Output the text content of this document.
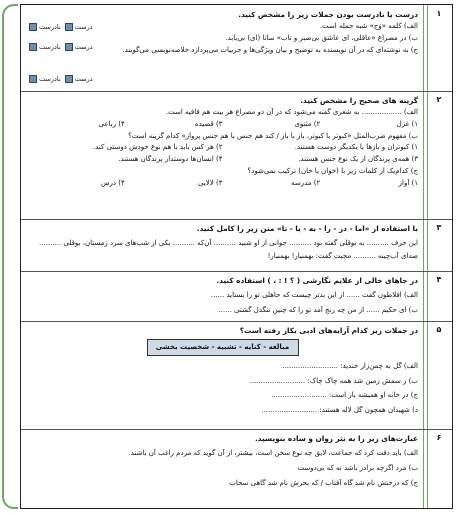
۱
درست یا نادرست بودن جملات زیر را مشخص کنید.
الف) کلمه «وَج» شبه جمله است.
ب) در مصراع «عاقلی، ای عاشق بی‌صبر و تاب» ساتا (ای) بی‌یابد.
ج) به نوشته‌ای که در آن نویسنده به توضیح و بیان ویژگی‌ها و جزییات می‌پردازد خلاصه‌نویسی می‌گویند.
درست نادرست
درست نادرست
درست نادرست
۲
گزینه های صحیح را مشخص کنید.
الف) .................. به شعری گفته می‌شود که در آن دو مصراع هر بیت هم قافیه است.
۱) غزل
۲) مثنوی
۳) قصیده
۴) رباعی
ب) مفهوم ضرب‌المثل «کبوتر با کبوتر، باز با باز / کند هم جنس با هم جنس پرواز» کدام گزینه است؟
۱) کبوتران و بازها با یکدیگر دوست هستند.
۲) هر کس باید با هم نوع خودش دوستی کند.
۳) همه‌ی پرندگان از یک نوع جنس هستند.
۴) انسان‌ها دوستدار پرندگان هستند.
ج) کدام‌یک از کلمات زیر با (خوان یا خان) ترکیب نمی‌شود؟
۱) آواز
۲) مدرسه
۳) لالایی
۴) درس
۳
با استفاده از «اما - در - را - به - یا - تا» متن زیر را کامل کنید.
این حرف .......... به نوقلی گفته بود .......... جوانی از او شنید .......... آن‌که .......... یکی از شب‌های سرد زمستان، بوقلی .......... صدای آب‌چینه .......... مجبت گفت: بهمنیار! بهمنیار!
۴
در جاهای خالی از علایم نگارشی ( ؟ ! : ، ) استفاده کنید.
الف) افلاطون گفت ...... از این بدتر چیست که جاهلی تو را بستاید ......
ب) ای حکیم ...... از من چه رنج آمد تو را که چنین تنگدل گشتی ......
۵
در جملات زیر کدام آرایه‌های ادبی بکار رفته است؟
مبالغه - کنایه - تشبیه - شخصیت بخشی
الف) گل به چمن‌زار خندید: .........................
ب) ز سمش زمین شد همه چاک چاک: .........................
ج) در خانه او همیشه باز است: .........................
د) شهیدان همچون گل لاله هستند: .........................
۶
عبارت‌های زیر را به نثر روان و ساده بنویسید.
الف) باید دقت کرد که جماعت، لایق چه نوع سخن است، بیشتر، از آن گوید که مردم راغب آن باشند.
ب) مرد اگرچه برادر باشد نه که بی‌دوست
ج) که درختش نام شد گاه آفتاب / که بحرش نام شد گاهی سحاب
